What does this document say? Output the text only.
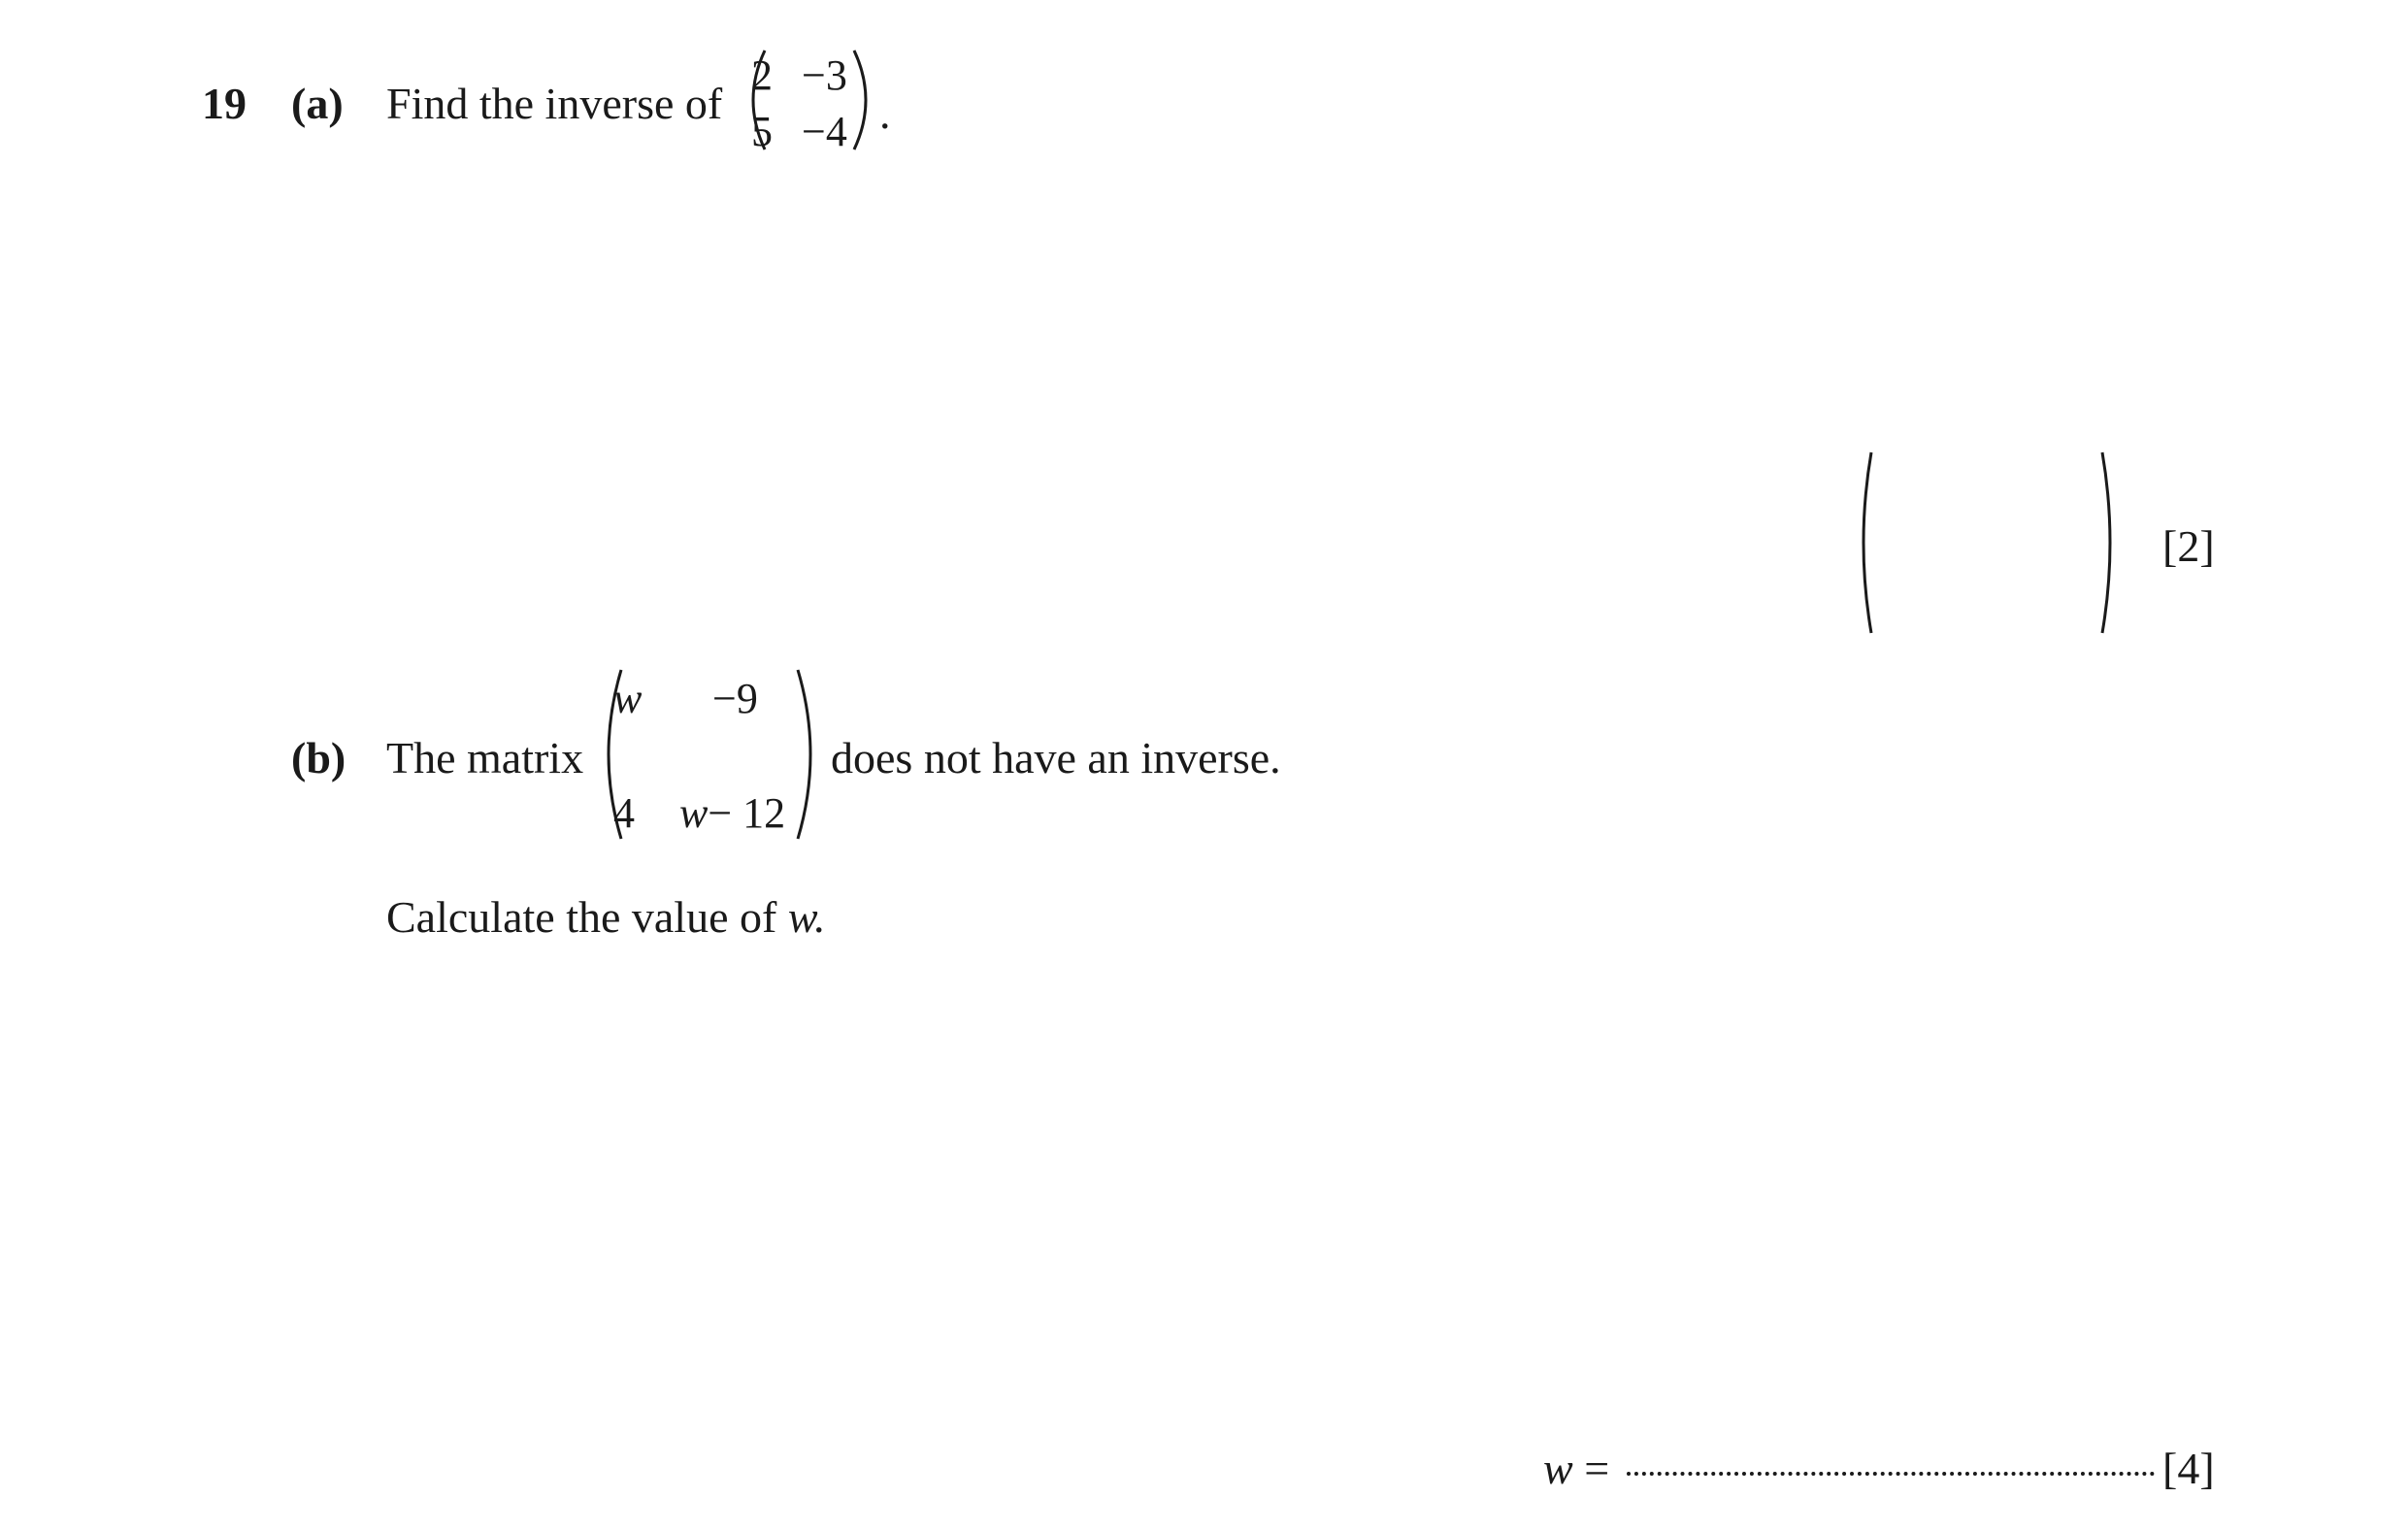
19 (a) Find the inverse of
2 −3
5 −4 .
[2]
(b) The matrix
w −9
4 w− 12
does not have an inverse.
Calculate the value of w.
w =	[4]
